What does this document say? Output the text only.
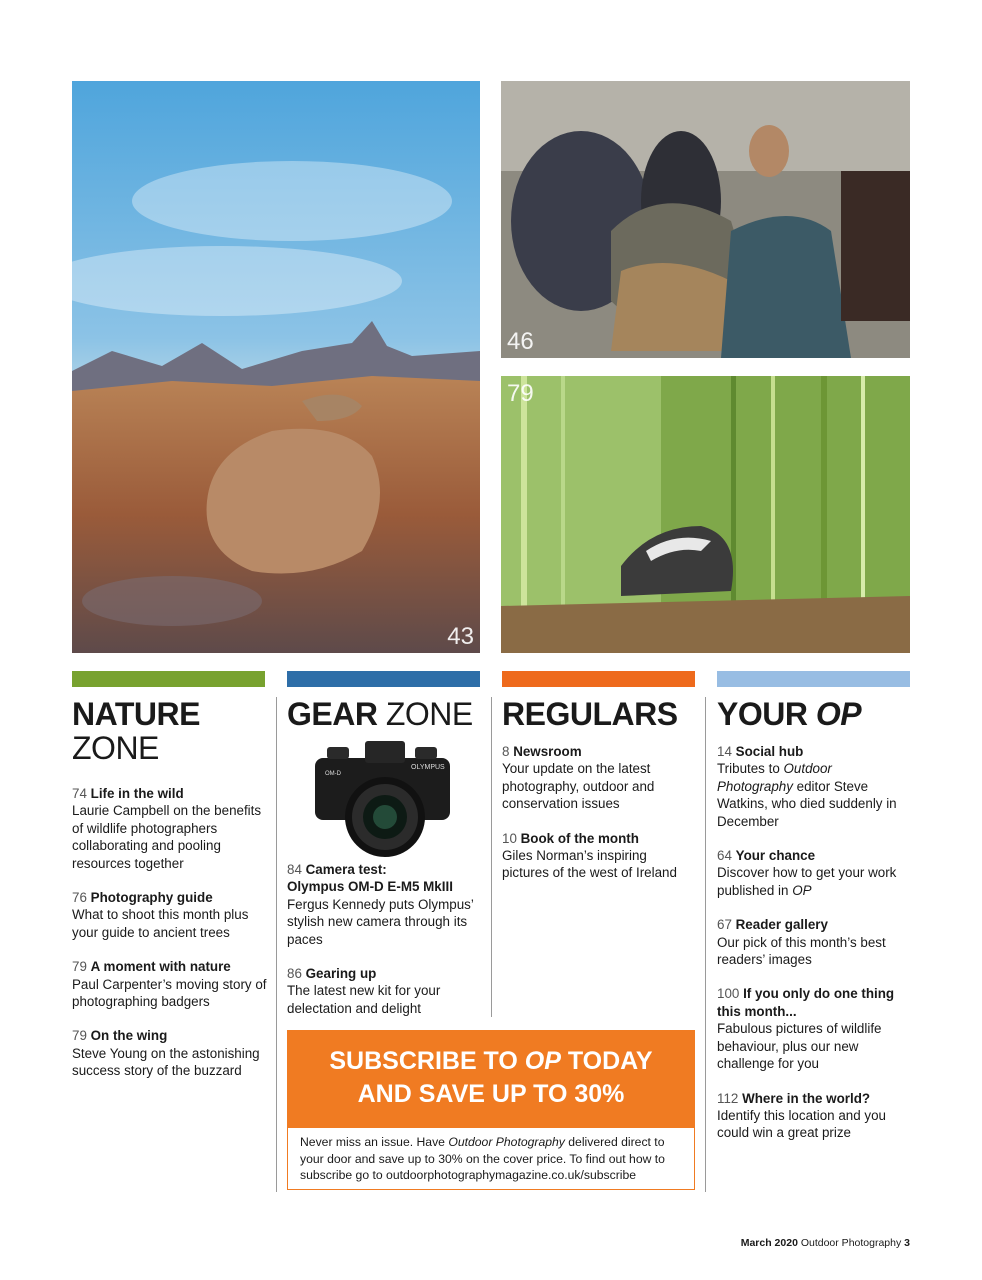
43
46
79
NATURE
ZONE
74 Life in the wild
Laurie Campbell on the benefits of wildlife photographers collaborating and pooling resources together
76 Photography guide
What to shoot this month plus your guide to ancient trees
79 A moment with nature
Paul Carpenter’s moving story of photographing badgers
79 On the wing
Steve Young on the astonishing success story of the buzzard
GEAR ZONE
OLYMPUS
OM-D
84 Camera test:
Olympus OM-D E-M5 MkIII
Fergus Kennedy puts Olympus’ stylish new camera through its paces
86 Gearing up
The latest new kit for your delectation and delight
REGULARS
8 Newsroom
Your update on the latest photography, outdoor and conservation issues
10 Book of the month
Giles Norman’s inspiring pictures of the west of Ireland
YOUR OP
14 Social hub
Tributes to Outdoor Photography editor Steve Watkins, who died suddenly in December
64 Your chance
Discover how to get your work published in OP
67 Reader gallery
Our pick of this month’s best readers’ images
100 If you only do one thing this month...
Fabulous pictures of wildlife behaviour, plus our new challenge for you
112 Where in the world?
Identify this location and you could win a great prize
SUBSCRIBE TO OP TODAY
AND SAVE UP TO 30%
Never miss an issue. Have Outdoor Photography delivered direct to your door and save up to 30% on the cover price. To find out how to subscribe go to outdoorphotographymagazine.co.uk/subscribe
March 2020 Outdoor Photography 3
